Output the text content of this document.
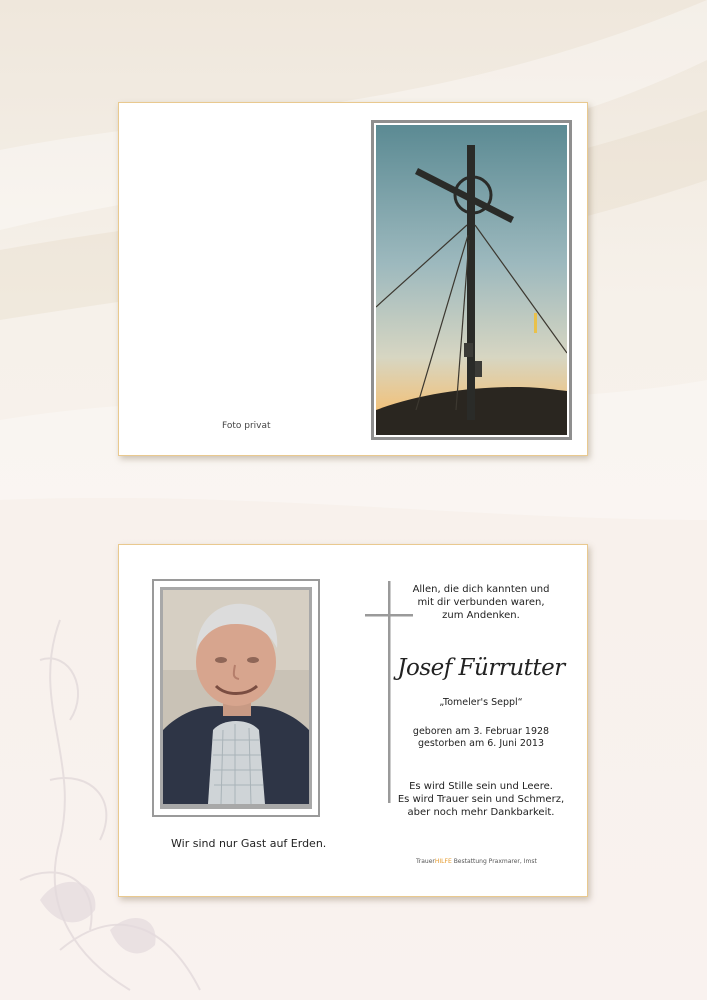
Foto privat
Wir sind nur Gast auf Erden.
Allen, die dich kannten und
mit dir verbunden waren,
zum Andenken.
Josef Fürrutter
„Tomeler's Seppl“
geboren am 3. Februar 1928
gestorben am 6. Juni 2013
Es wird Stille sein und Leere.
Es wird Trauer sein und Schmerz,
aber noch mehr Dankbarkeit.
TrauerHILFE Bestattung Praxmarer, Imst
